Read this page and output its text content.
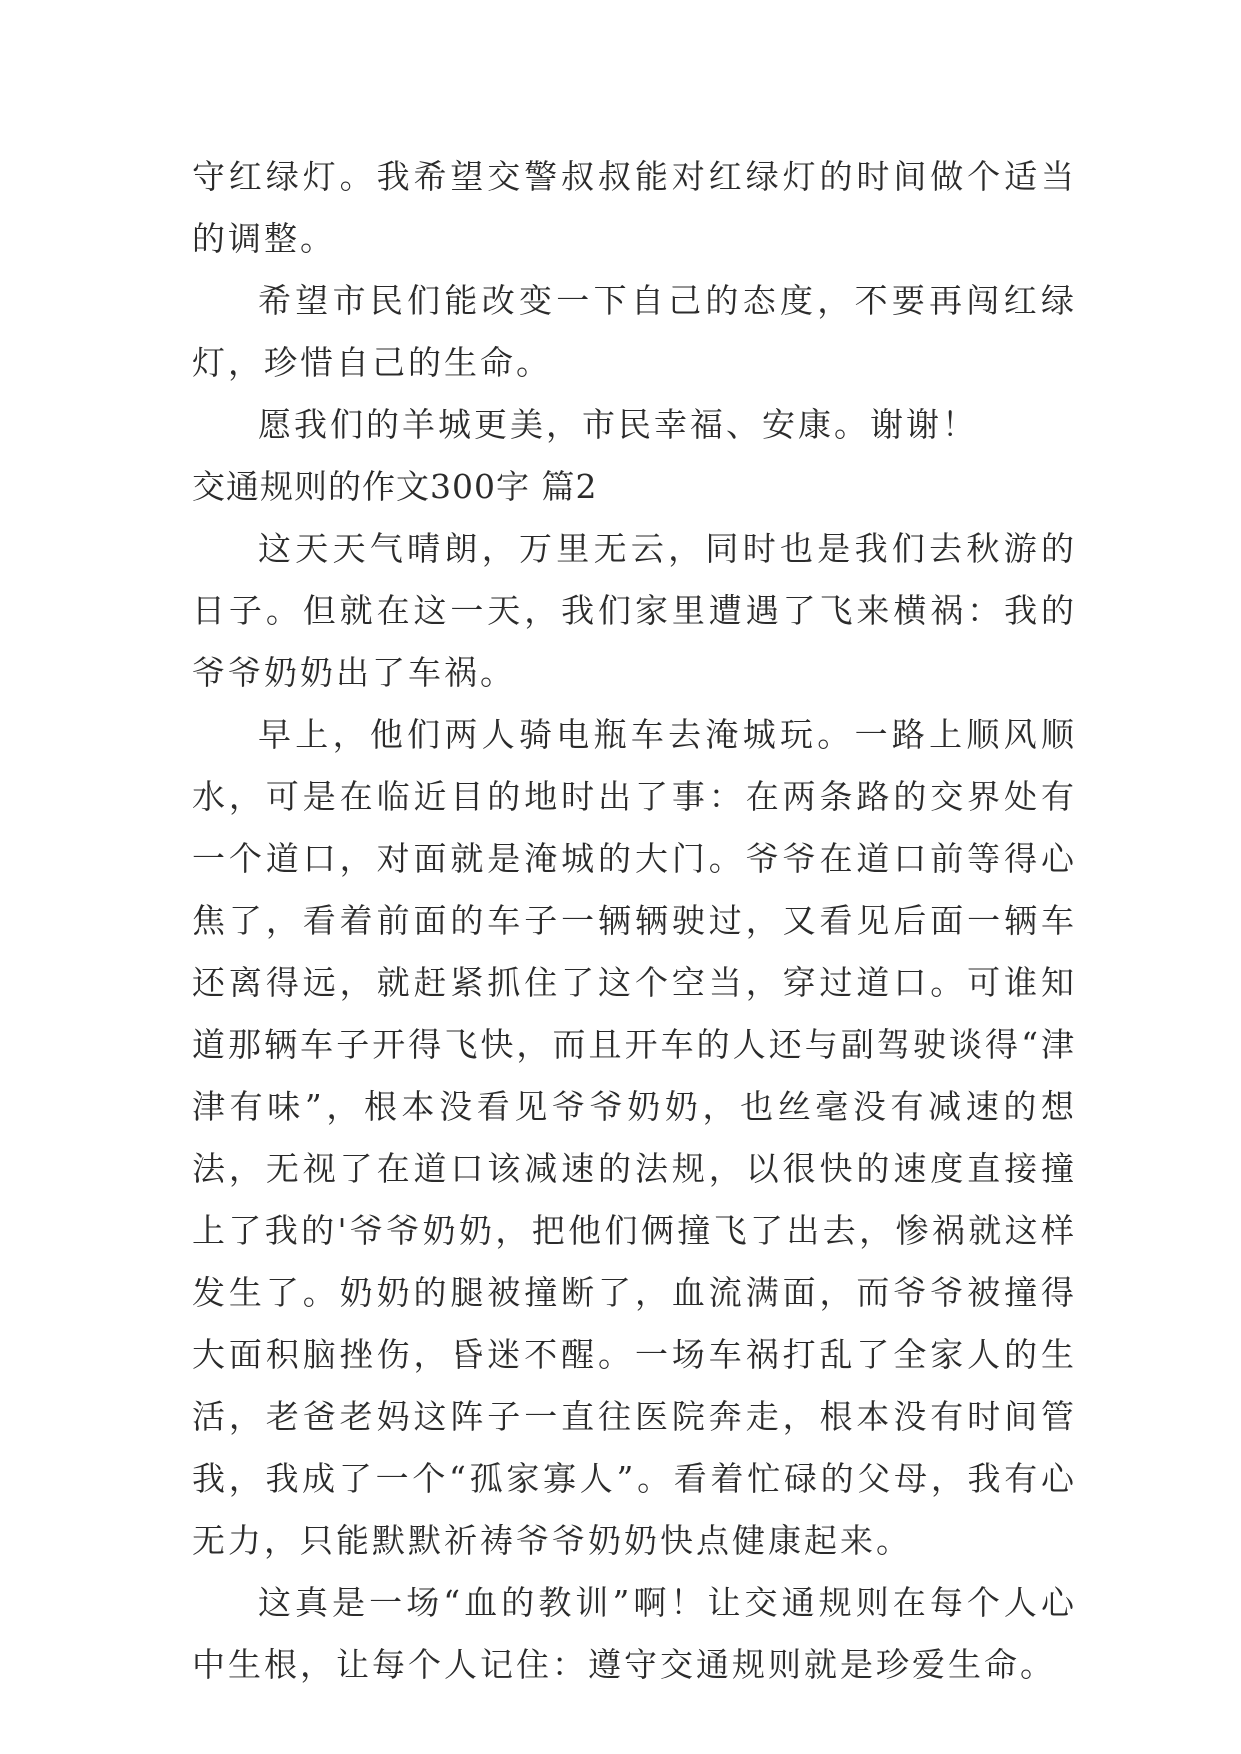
守红绿灯。我希望交警叔叔能对红绿灯的时间做个适当的调整。

希望市民们能改变一下自己的态度，不要再闯红绿灯，珍惜自己的生命。

愿我们的羊城更美，市民幸福、安康。谢谢！

交通规则的作文300字 篇2

这天天气晴朗，万里无云，同时也是我们去秋游的日子。但就在这一天，我们家里遭遇了飞来横祸：我的爷爷奶奶出了车祸。

早上，他们两人骑电瓶车去淹城玩。一路上顺风顺水，可是在临近目的地时出了事：在两条路的交界处有一个道口，对面就是淹城的大门。爷爷在道口前等得心焦了，看着前面的车子一辆辆驶过，又看见后面一辆车还离得远，就赶紧抓住了这个空当，穿过道口。可谁知道那辆车子开得飞快，而且开车的人还与副驾驶谈得“津津有味”，根本没看见爷爷奶奶，也丝毫没有减速的想法，无视了在道口该减速的法规，以很快的速度直接撞上了我的'爷爷奶奶，把他们俩撞飞了出去，惨祸就这样发生了。奶奶的腿被撞断了，血流满面，而爷爷被撞得大面积脑挫伤，昏迷不醒。一场车祸打乱了全家人的生活，老爸老妈这阵子一直往医院奔走，根本没有时间管我，我成了一个“孤家寡人”。看着忙碌的父母，我有心无力，只能默默祈祷爷爷奶奶快点健康起来。

这真是一场“血的教训”啊！让交通规则在每个人心中生根，让每个人记住：遵守交通规则就是珍爱生命。
